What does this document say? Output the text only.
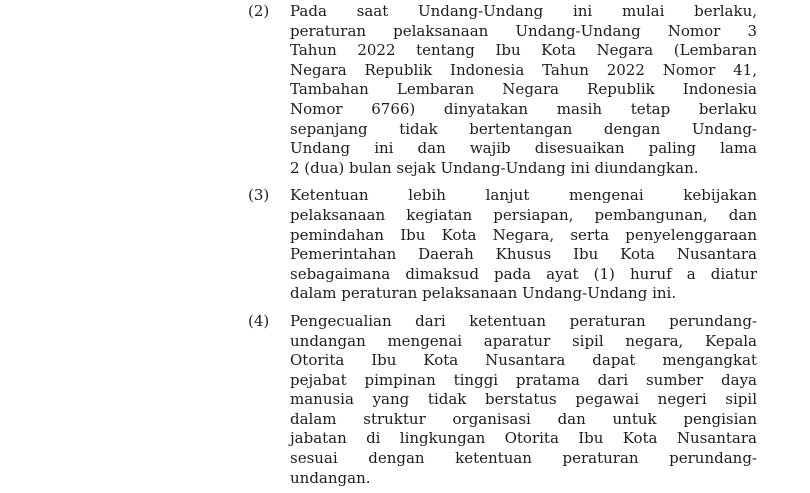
(2)	Pada saat Undang-Undang ini mulai berlaku,
peraturan pelaksanaan Undang-Undang Nomor 3
Tahun 2022 tentang Ibu Kota Negara (Lembaran
Negara Republik Indonesia Tahun 2022 Nomor 41,
Tambahan Lembaran Negara Republik Indonesia
Nomor 6766) dinyatakan masih tetap berlaku
sepanjang tidak bertentangan dengan Undang-
Undang ini dan wajib disesuaikan paling lama
2 (dua) bulan sejak Undang-Undang ini diundangkan.
(3)	Ketentuan lebih lanjut mengenai kebijakan
pelaksanaan kegiatan persiapan, pembangunan, dan
pemindahan Ibu Kota Negara, serta penyelenggaraan
Pemerintahan Daerah Khusus Ibu Kota Nusantara
sebagaimana dimaksud pada ayat (1) huruf a diatur
dalam peraturan pelaksanaan Undang-Undang ini.
(4)	Pengecualian dari ketentuan peraturan perundang-
undangan mengenai aparatur sipil negara, Kepala
Otorita Ibu Kota Nusantara dapat mengangkat
pejabat pimpinan tinggi pratama dari sumber daya
manusia yang tidak berstatus pegawai negeri sipil
dalam struktur organisasi dan untuk pengisian
jabatan di lingkungan Otorita Ibu Kota Nusantara
sesuai dengan ketentuan peraturan perundang-
undangan.
